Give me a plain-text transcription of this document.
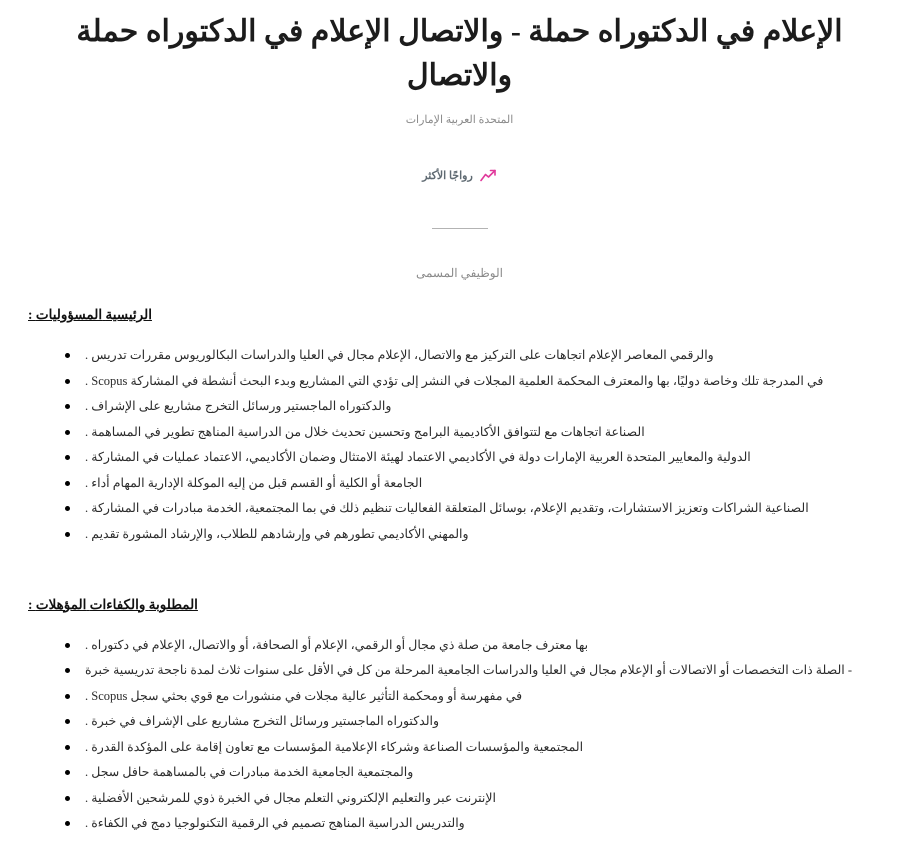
حملة الدكتوراه في الإعلام والاتصال - حملة الدكتوراه في الإعلام والاتصال
الإمارات العربية المتحدة
الأكثر رواجًا
المسمى الوظيفي
: المسؤوليات الرئيسية
. تدريس مقررات البكالوريوس والدراسات العليا في مجال الإعلام والاتصال، مع التركيز على اتجاهات الإعلام المعاصر والرقمي
. Scopus المشاركة في أنشطة البحث وبدء المشاريع التي تؤدي إلى النشر في المجلات العلمية المحكمة والمعترف بها دوليًا، وخاصة تلك المدرجة في
. الإشراف على مشاريع التخرج ورسائل الماجستير والدكتوراه
. المساهمة في تطوير المناهج الدراسية من خلال تحديث وتحسين البرامج الأكاديمية لتتوافق مع اتجاهات الصناعة
. المشاركة في عمليات الاعتماد الأكاديمي، وضمان الامتثال لهيئة الاعتماد الأكاديمي في دولة الإمارات العربية المتحدة والمعايير الدولية
. أداء المهام الإدارية الموكلة إليه من قبل القسم أو الكلية أو الجامعة
. المشاركة في مبادرات الخدمة المجتمعية، بما في ذلك تنظيم الفعاليات المتعلقة بوسائل الإعلام، وتقديم الاستشارات، وتعزيز الشراكات الصناعية
. تقديم المشورة والإرشاد للطلاب، وإرشادهم في تطورهم الأكاديمي والمهني
: المؤهلات والكفاءات المطلوبة
. دكتوراه في الإعلام والاتصال، أو الصحافة، أو الإعلام الرقمي، أو مجال ذي صلة من جامعة معترف بها
خبرة تدريسية ناجحة لمدة ثلاث سنوات على الأقل في كل من المرحلة الجامعية والدراسات العليا في مجال الإعلام أو الاتصالات أو التخصصات ذات الصلة -
. Scopus سجل بحثي قوي مع منشورات في مجلات عالية التأثير ومحكمة أو مفهرسة في
. خبرة في الإشراف على مشاريع التخرج ورسائل الماجستير والدكتوراه
. القدرة المؤكدة على إقامة تعاون مع المؤسسات الإعلامية وشركاء الصناعة والمؤسسات المجتمعية
. سجل حافل بالمساهمة في مبادرات الخدمة الجامعية والمجتمعية
. الأفضلية للمرشحين ذوي الخبرة في مجال التعلم الإلكتروني والتعليم عبر الإنترنت
. الكفاءة في دمج التكنولوجيا الرقمية في تصميم المناهج الدراسية والتدريس
